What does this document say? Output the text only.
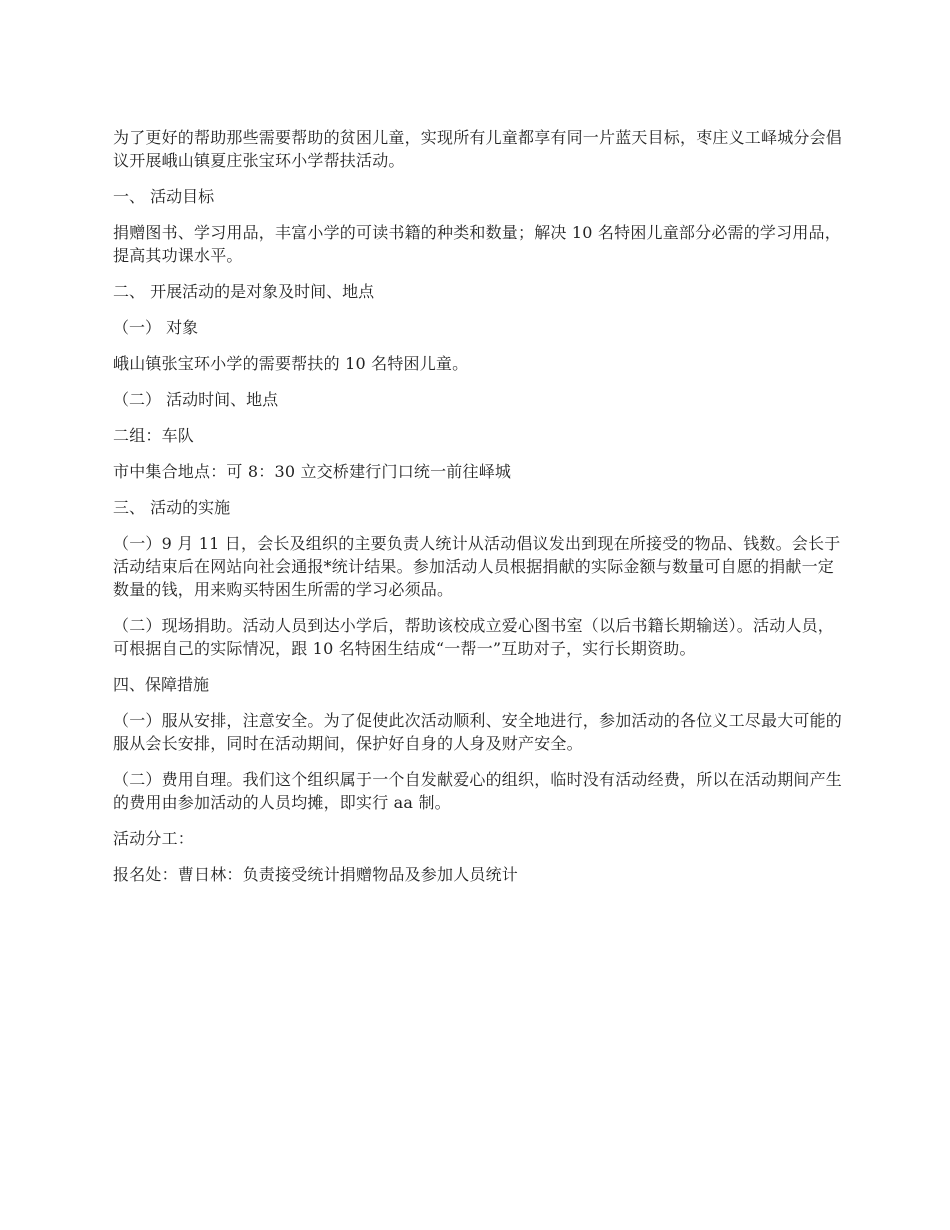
为了更好的帮助那些需要帮助的贫困儿童，实现所有儿童都享有同一片蓝天目标，枣庄义工峄城分会倡议开展峨山镇夏庄张宝环小学帮扶活动。

一、 活动目标

捐赠图书、学习用品，丰富小学的可读书籍的种类和数量；解决 10 名特困儿童部分必需的学习用品，提高其功课水平。

二、 开展活动的是对象及时间、地点

（一） 对象

峨山镇张宝环小学的需要帮扶的 10 名特困儿童。

（二） 活动时间、地点

二组：车队

市中集合地点：可 8：30 立交桥建行门口统一前往峄城

三、 活动的实施

（一）9 月 11 日，会长及组织的主要负责人统计从活动倡议发出到现在所接受的物品、钱数。会长于活动结束后在网站向社会通报*统计结果。参加活动人员根据捐献的实际金额与数量可自愿的捐献一定数量的钱，用来购买特困生所需的学习必须品。

（二）现场捐助。活动人员到达小学后，帮助该校成立爱心图书室（以后书籍长期输送）。活动人员，可根据自己的实际情况，跟 10 名特困生结成“一帮一”互助对子，实行长期资助。

四、保障措施

（一）服从安排，注意安全。为了促使此次活动顺利、安全地进行，参加活动的各位义工尽最大可能的服从会长安排，同时在活动期间，保护好自身的人身及财产安全。

（二）费用自理。我们这个组织属于一个自发献爱心的组织，临时没有活动经费，所以在活动期间产生的费用由参加活动的人员均摊，即实行 aa 制。

活动分工：

报名处：曹日林：负责接受统计捐赠物品及参加人员统计
